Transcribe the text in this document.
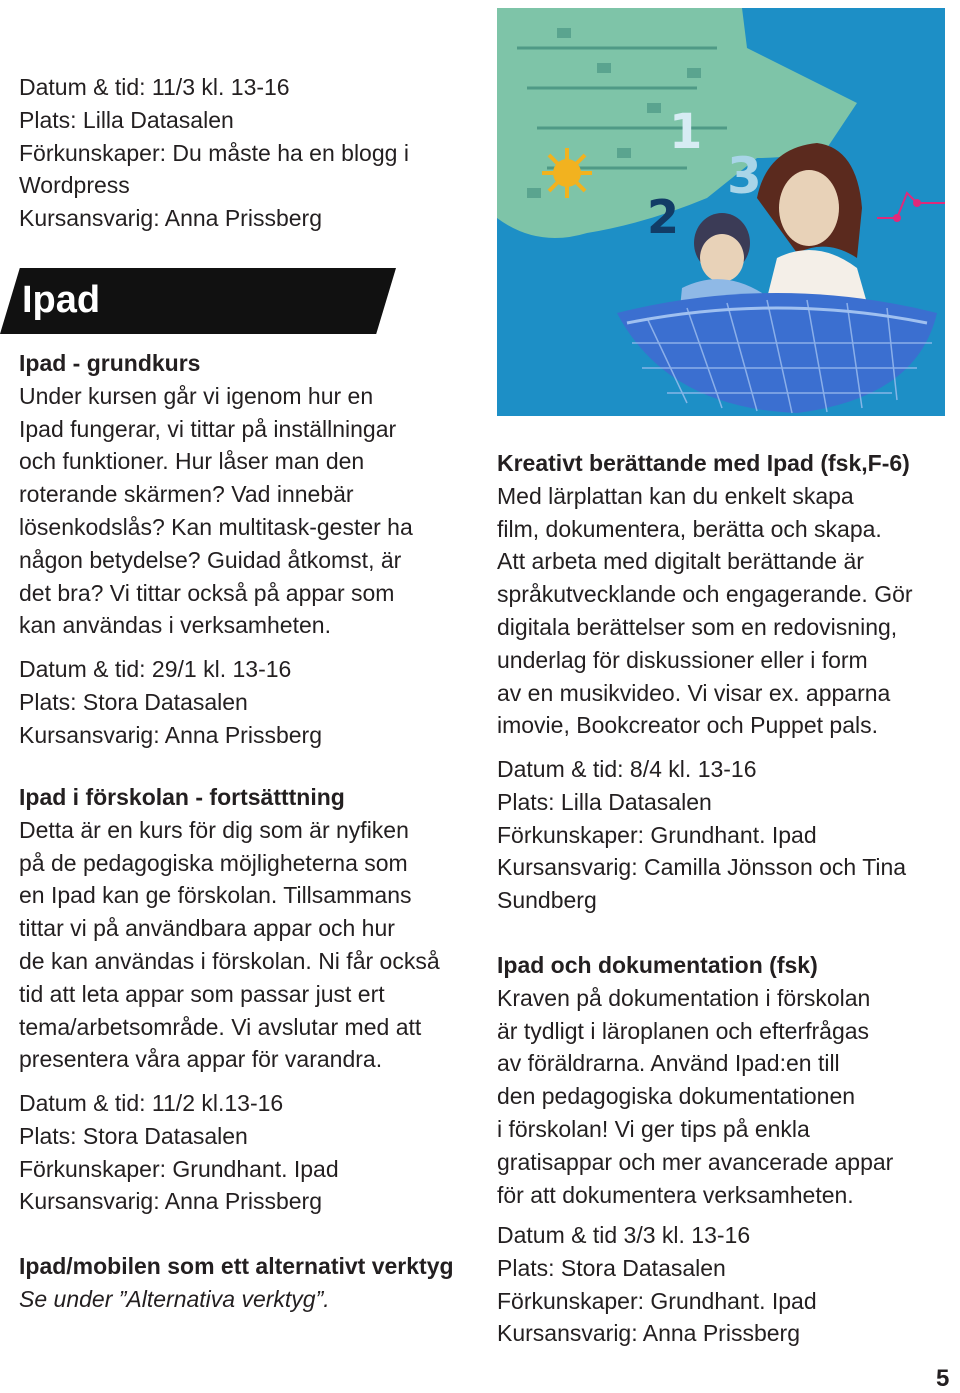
Datum & tid: 11/3 kl. 13-16
Plats: Lilla Datasalen
Förkunskaper: Du måste ha en blogg i
Wordpress
Kursansvarig: Anna Prissberg
Ipad
Ipad - grundkurs
Under kursen går vi igenom hur en
Ipad fungerar, vi tittar på inställningar
och funktioner. Hur låser man den
roterande skärmen? Vad innebär
lösenkodslås? Kan multitask-gester ha
någon betydelse? Guidad åtkomst, är
det bra? Vi tittar också på appar som
kan användas i verksamheten.
Datum & tid: 29/1 kl. 13-16
Plats: Stora Datasalen
Kursansvarig: Anna Prissberg
Ipad i förskolan - fortsätttning
Detta är en kurs för dig som är nyfiken
på de pedagogiska möjligheterna som
en Ipad kan ge förskolan. Tillsammans
tittar vi på användbara appar och hur
de kan användas i förskolan. Ni får också
tid att leta appar som passar just ert
tema/arbetsområde. Vi avslutar med att
presentera våra appar för varandra.
Datum & tid: 11/2 kl.13-16
Plats: Stora Datasalen
Förkunskaper: Grundhant. Ipad
Kursansvarig: Anna Prissberg
Ipad/mobilen som ett alternativt verktyg
Se under ”Alternativa verktyg”.
1
2
3
Kreativt berättande med Ipad (fsk,F-6)
Med lärplattan kan du enkelt skapa
film, dokumentera, berätta och skapa.
Att arbeta med digitalt berättande är
språkutvecklande och engagerande. Gör
digitala berättelser som en redovisning,
underlag för diskussioner eller i form
av en musikvideo. Vi visar ex. apparna
imovie, Bookcreator och Puppet pals.
Datum & tid: 8/4 kl. 13-16
Plats: Lilla Datasalen
Förkunskaper: Grundhant. Ipad
Kursansvarig: Camilla Jönsson och Tina
Sundberg
Ipad och dokumentation (fsk)
Kraven på dokumentation i förskolan
är tydligt i läroplanen och efterfrågas
av föräldrarna. Använd Ipad:en till
den pedagogiska dokumentationen
i förskolan! Vi ger tips på enkla
gratisappar och mer avancerade appar
för att dokumentera verksamheten.
Datum & tid 3/3 kl. 13-16
Plats: Stora Datasalen
Förkunskaper: Grundhant. Ipad
Kursansvarig: Anna Prissberg
5
